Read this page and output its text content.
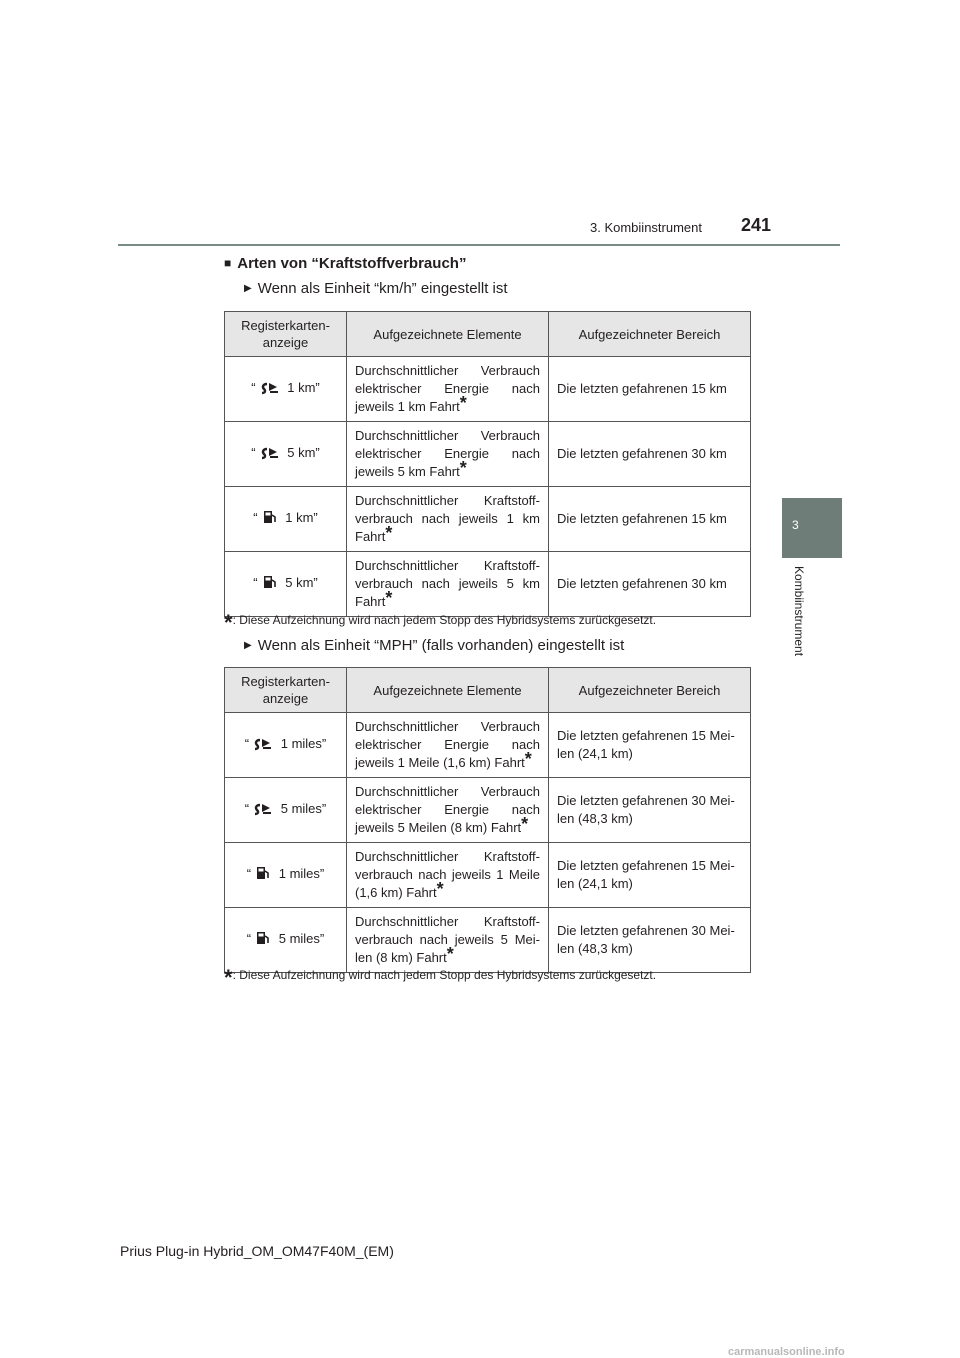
3. Kombiinstrument 241
3
Kombiinstrument
■ Arten von “Kraftstoffverbrauch”
▶ Wenn als Einheit “km/h” eingestellt ist
Registerkarten-anzeige	Aufgezeichnete Elemente	Aufgezeichneter Bereich
“ 1 km”	Durchschnittlicher Verbrauch elektrischer Energie nach jeweils 1 km Fahrt*	Die letzten gefahrenen 15 km
“ 5 km”	Durchschnittlicher Verbrauch elektrischer Energie nach jeweils 5 km Fahrt*	Die letzten gefahrenen 30 km
“ 1 km”	Durchschnittlicher Kraftstoff-verbrauch nach jeweils 1 km Fahrt*	Die letzten gefahrenen 15 km
“ 5 km”	Durchschnittlicher Kraftstoff-verbrauch nach jeweils 5 km Fahrt*	Die letzten gefahrenen 30 km
*: Diese Aufzeichnung wird nach jedem Stopp des Hybridsystems zurückgesetzt.
▶ Wenn als Einheit “MPH” (falls vorhanden) eingestellt ist
Registerkarten-anzeige	Aufgezeichnete Elemente	Aufgezeichneter Bereich
“ 1 miles”	Durchschnittlicher Verbrauch elektrischer Energie nach jeweils 1 Meile (1,6 km) Fahrt*	Die letzten gefahrenen 15 Mei-len (24,1 km)
“ 5 miles”	Durchschnittlicher Verbrauch elektrischer Energie nach jeweils 5 Meilen (8 km) Fahrt*	Die letzten gefahrenen 30 Mei-len (48,3 km)
“ 1 miles”	Durchschnittlicher Kraftstoff-verbrauch nach jeweils 1 Meile (1,6 km) Fahrt*	Die letzten gefahrenen 15 Mei-len (24,1 km)
“ 5 miles”	Durchschnittlicher Kraftstoff-verbrauch nach jeweils 5 Mei-len (8 km) Fahrt*	Die letzten gefahrenen 30 Mei-len (48,3 km)
*: Diese Aufzeichnung wird nach jedem Stopp des Hybridsystems zurückgesetzt.
Prius Plug-in Hybrid_OM_OM47F40M_(EM)
carmanualsonline.info
